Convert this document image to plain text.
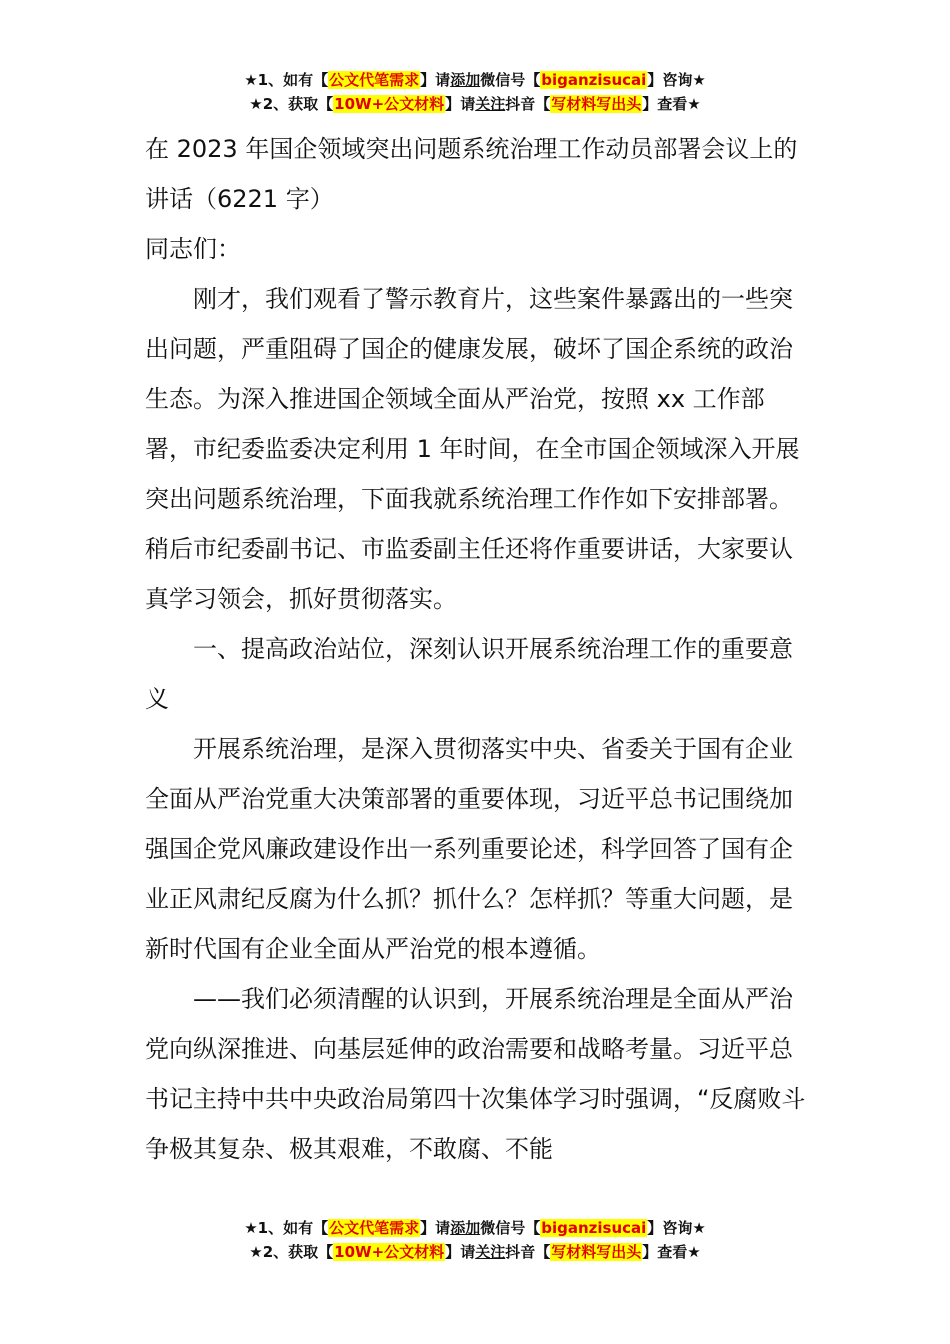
★1、如有【公文代笔需求】请添加微信号【biganzisucai】咨询★
★2、获取【10W+公文材料】请关注抖音【写材料写出头】查看★

在 2023 年国企领域突出问题系统治理工作动员部署会议上的讲话（6221 字）

同志们：

刚才，我们观看了警示教育片，这些案件暴露出的一些突出问题，严重阻碍了国企的健康发展，破坏了国企系统的政治生态。为深入推进国企领域全面从严治党，按照 xx 工作部署，市纪委监委决定利用 1 年时间，在全市国企领域深入开展突出问题系统治理，下面我就系统治理工作作如下安排部署。稍后市纪委副书记、市监委副主任还将作重要讲话，大家要认真学习领会，抓好贯彻落实。

一、提高政治站位，深刻认识开展系统治理工作的重要意义

开展系统治理，是深入贯彻落实中央、省委关于国有企业全面从严治党重大决策部署的重要体现，习近平总书记围绕加强国企党风廉政建设作出一系列重要论述，科学回答了国有企业正风肃纪反腐为什么抓？抓什么？怎样抓？等重大问题，是新时代国有企业全面从严治党的根本遵循。

——我们必须清醒的认识到，开展系统治理是全面从严治党向纵深推进、向基层延伸的政治需要和战略考量。习近平总书记主持中共中央政治局第四十次集体学习时强调，“反腐败斗争极其复杂、极其艰难，不敢腐、不能

★1、如有【公文代笔需求】请添加微信号【biganzisucai】咨询★
★2、获取【10W+公文材料】请关注抖音【写材料写出头】查看★
